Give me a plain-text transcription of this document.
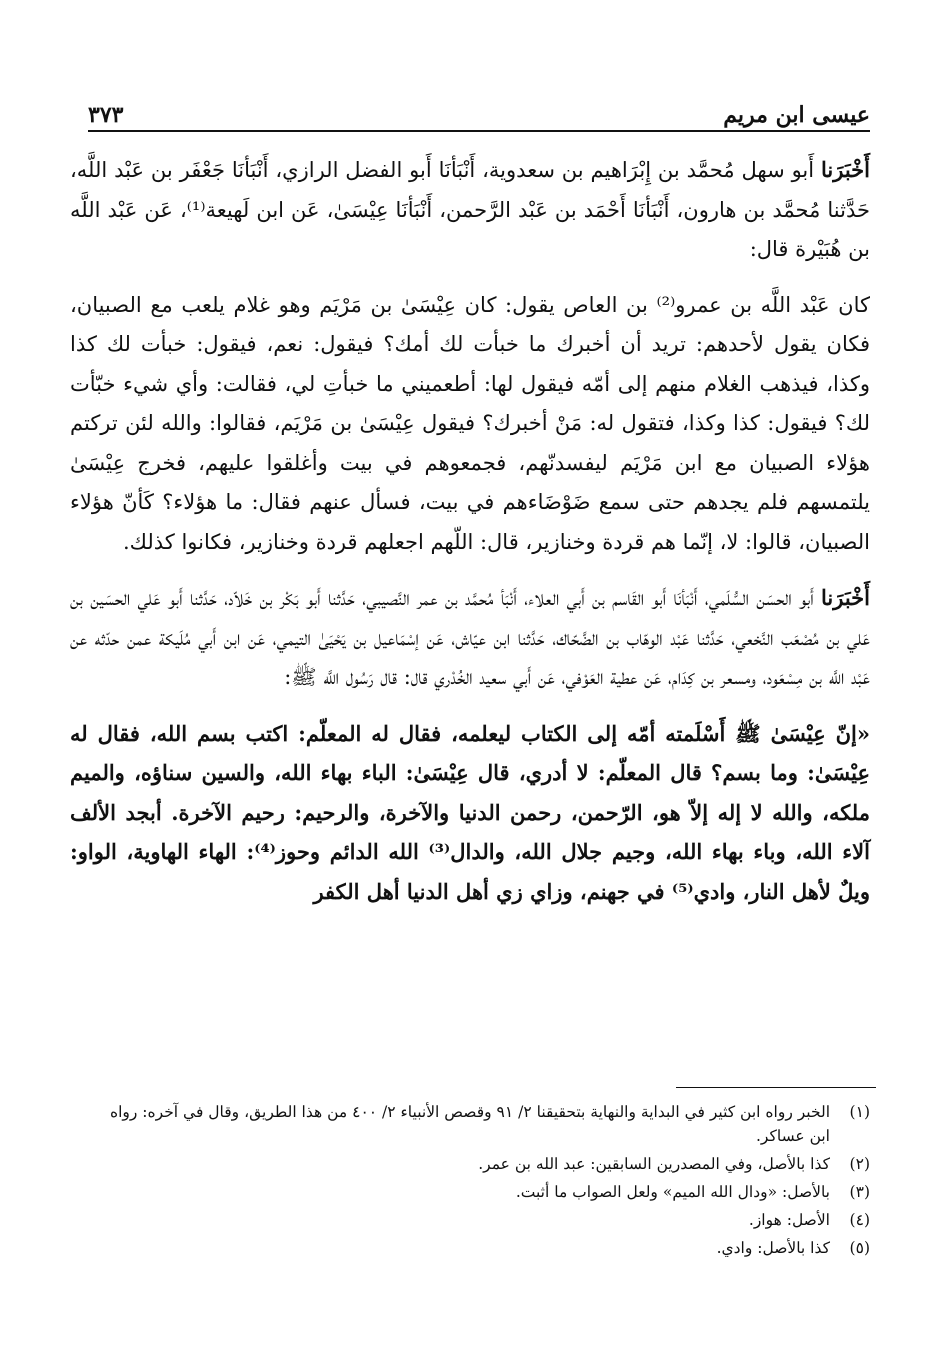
عيسى ابن مريم
٣٧٣

أَخْبَرَنا أَبو سهل مُحمَّد بن إِبْرَاهيم بن سعدوية، أَنْبَأنَا أَبو الفضل الرازي، أَنْبَأنَا جَعْفَر بن عَبْد اللَّه، حَدَّثنا مُحمَّد بن هارون، أَنْبَأنَا أَحْمَد بن عَبْد الرَّحمن، أَنْبَأنَا عِيْسَىٰ، عَن ابن لَهيعة⁽¹⁾، عَن عَبْد اللَّه بن هُبَيْرة قال:

كان عَبْد اللَّه بن عمرو⁽²⁾ بن العاص يقول: كان عِيْسَىٰ بن مَرْيَم وهو غلام يلعب مع الصبيان، فكان يقول لأحدهم: تريد أن أخبرك ما خبأت لك أمك؟ فيقول: نعم، فيقول: خبأت لك كذا وكذا، فيذهب الغلام منهم إلى أمّه فيقول لها: أطعميني ما خبأتِ لي، فقالت: وأي شيء خبّأت لك؟ فيقول: كذا وكذا، فتقول له: مَنْ أخبرك؟ فيقول عِيْسَىٰ بن مَرْيَم، فقالوا: والله لئن تركتم هؤلاء الصبيان مع ابن مَرْيَم ليفسدنّهم، فجمعوهم في بيت وأغلقوا عليهم، فخرج عِيْسَىٰ يلتمسهم فلم يجدهم حتى سمع ضَوْضَاءهم في بيت، فسأل عنهم فقال: ما هؤلاء؟ كَأنّ هؤلاء الصبيان، قالوا: لا، إنّما هم قردة وخنازير، قال: اللّهم اجعلهم قردة وخنازير، فكانوا كذلك.

أَخْبَرَنا أَبو الحسَن السُّلَمي، أَنْبَأنَا أَبو القَاسم بن أَبي العلاء، أَنْبَأ مُحمَّد بن عمر النَّصيبي، حَدَّثنا أَبو بَكْر بن خَلاّد، حَدَّثنا أَبو عَلي الحسَين بن عَلي بن مُصْعَب النَّخعي، حَدَّثنا عَبْد الوهّاب بن الضَّحّاك، حَدَّثنا ابن عيّاش، عَن إسْمَاعيل بن يَحْيَىٰ التيمي، عَن ابن أَبي مُلَيكة عمن حدّثه عن عَبْد اللَّه بن مِسْعَود، ومسعر بن كِدَام، عَن عطية العَوْفي، عَن أَبي سعيد الخُدْري قال: قال رَسُول اللَّه ﷺ:

«إنّ عِيْسَىٰ ﷺ أَسْلَمته أمّه إلى الكتاب ليعلمه، فقال له المعلّم: اكتب بسم الله، فقال له عِيْسَىٰ: وما بسم؟ قال المعلّم: لا أدري، قال عِيْسَىٰ: الباء بهاء الله، والسين سناؤه، والميم ملكه، والله لا إله إلاّ هو، الرّحمن، رحمن الدنيا والآخرة، والرحيم: رحيم الآخرة. أبجد الألف آلاء الله، وباء بهاء الله، وجيم جلال الله، والدال⁽³⁾ الله الدائم وحوز⁽⁴⁾: الهاء الهاوية، الواو: ويلٌ لأهل النار، وادي⁽⁵⁾ في جهنم، وزاي زي أهل الدنيا أهل الكفر

(١)
الخبر رواه ابن كثير في البداية والنهاية بتحقيقنا ٢/ ٩١ وقصص الأنبياء ٢/ ٤٠٠ من هذا الطريق، وقال في آخره: رواه ابن عساكر.
(٢)
كذا بالأصل، وفي المصدرين السابقين: عبد الله بن عمر.
(٣)
بالأصل: «ودال الله الميم» ولعل الصواب ما أثبت.
(٤)
الأصل: هواز.
(٥)
كذا بالأصل: وادي.
